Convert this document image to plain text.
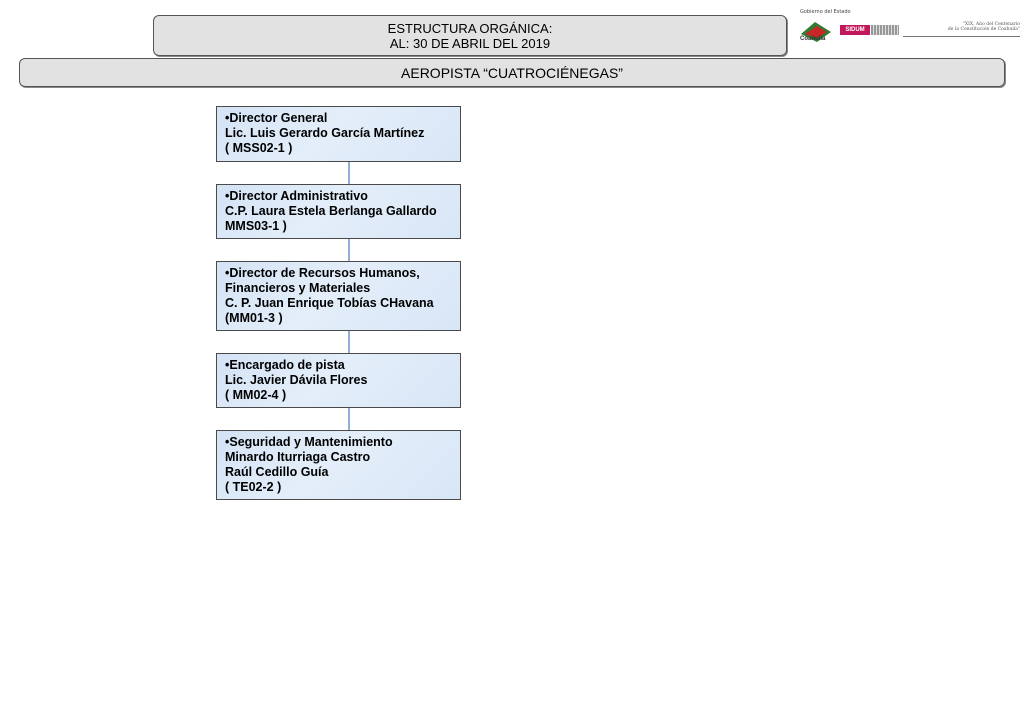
ESTRUCTURA ORGÁNICA:
AL: 30 DE ABRIL DEL 2019
Gobierno del Estado
Coahuila
SIDUM
"XIX, Año del Centenario
de la Constitución de Coahuila"
AEROPISTA “CUATROCIÉNEGAS”
•Director General
Lic. Luis Gerardo García Martínez
( MSS02-1 )
•Director Administrativo
C.P. Laura Estela Berlanga Gallardo
MMS03-1 )
•Director de Recursos Humanos,
Financieros y Materiales
C. P. Juan Enrique Tobías CHavana
(MM01-3 )
•Encargado de pista
Lic. Javier Dávila Flores
( MM02-4 )
•Seguridad y Mantenimiento
Minardo Iturriaga Castro
Raúl Cedillo Guía
( TE02-2 )
